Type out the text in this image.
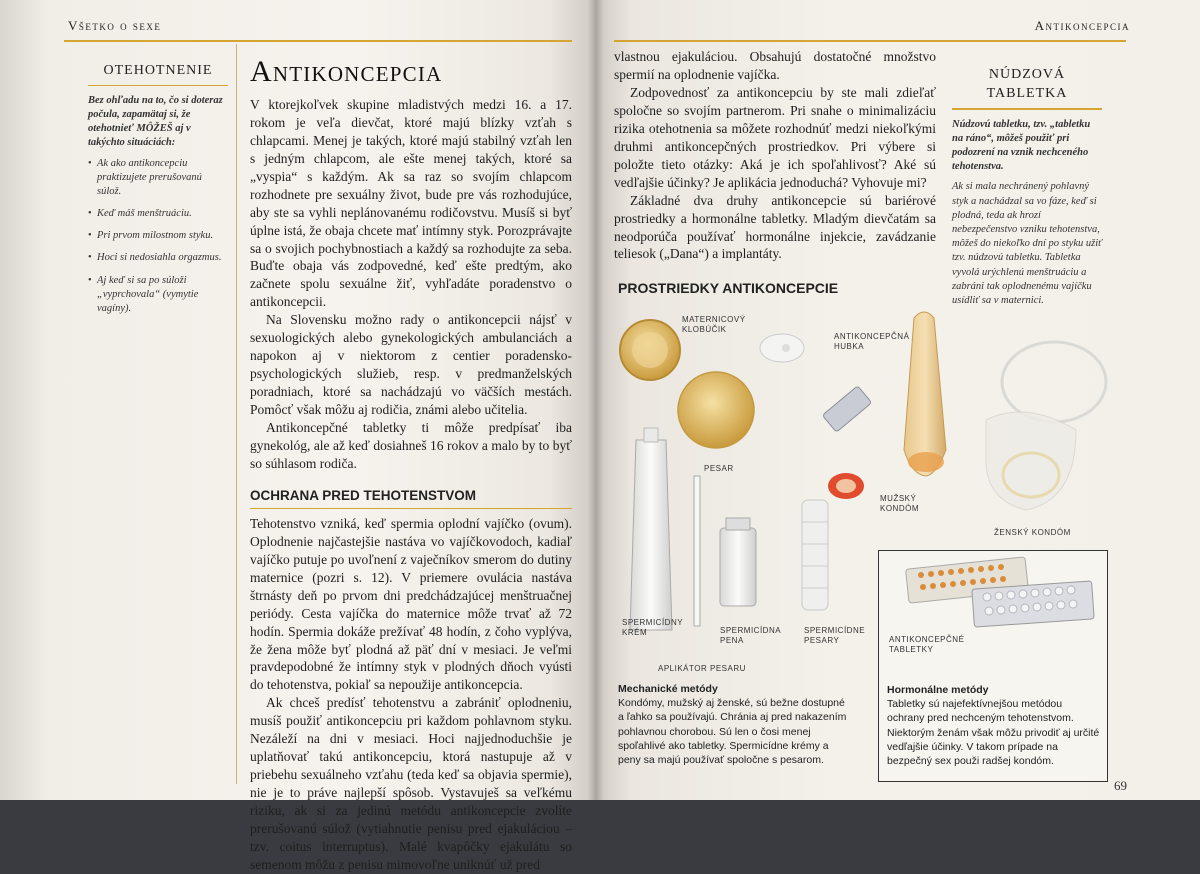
Všetko o sexe
OTEHOTNENIE

Bez ohľadu na to, čo si doteraz počula, zapamätaj si, že otehotnieť MÔŽEŠ aj v takýchto situáciách:

• Ak ako antikoncepciu praktizujete prerušovanú súlož.
• Keď máš menštruáciu.
• Pri prvom milostnom styku.
• Hoci si nedosiahla orgazmus.
• Aj keď si sa po súloži „vyprchovala“ (vymytie vagíny).
Antikoncepcia

V ktorejkoľvek skupine mladistvých medzi 16. a 17. rokom je veľa dievčat, ktoré majú blízky vzťah s chlapcami. Menej je takých, ktoré majú stabilný vzťah len s jedným chlapcom, ale ešte menej takých, ktoré sa „vyspia“ s každým. Ak sa raz so svojím chlapcom rozhodnete pre sexuálny život, bude pre vás rozhodujúce, aby ste sa vyhli neplánovanému rodičovstvu. Musíš si byť úplne istá, že obaja chcete mať intímny styk. Porozprávajte sa o svojich pochybnostiach a každý sa rozhodujte za seba. Buďte obaja vás zodpovedné, keď ešte predtým, ako začnete spolu sexuálne žiť, vyhľadáte poradenstvo o antikoncepcii.

Na Slovensku možno rady o antikoncepcii nájsť v sexuologických alebo gynekologických ambulanciách a napokon aj v niektorom z centier poradensko-psychologických služieb, resp. v predmanželských poradniach, ktoré sa nachádzajú vo väčších mestách. Pomôcť však môžu aj rodičia, známi alebo učitelia.

Antikoncepčné tabletky ti môže predpísať iba gynekológ, ale až keď dosiahneš 16 rokov a malo by to byť so súhlasom rodiča.

OCHRANA PRED TEHOTENSTVOM

Tehotenstvo vzniká, keď spermia oplodní vajíčko (ovum). Oplodnenie najčastejšie nastáva vo vajíčkovodoch, kadiaľ vajíčko putuje po uvoľnení z vaječníkov smerom do dutiny maternice (pozri s. 12). V priemere ovulácia nastáva štrnásty deň po prvom dni predchádzajúcej menštruačnej periódy. Cesta vajíčka do maternice môže trvať až 72 hodín. Spermia dokáže prežívať 48 hodín, z čoho vyplýva, že žena môže byť plodná až päť dní v mesiaci. Je veľmi pravdepodobné že intímny styk v plodných dňoch vyústi do tehotenstva, pokiaľ sa nepoužije antikoncepcia.

Ak chceš predísť tehotenstvu a zabrániť oplodneniu, musíš použiť antikoncepciu pri každom pohlavnom styku. Nezáleží na dni v mesiaci. Hoci najjednoduchšie je uplatňovať takú antikoncepciu, ktorá nastupuje až v priebehu sexuálneho vzťahu (teda keď sa objavia spermie), nie je to práve najlepší spôsob. Vystavuješ sa veľkému riziku, ak si za jedinú metódu antikoncepcie zvolíte prerušovanú súlož (vytiahnutie penisu pred ejakuláciou – tzv. coitus interruptus). Malé kvapôčky ejakulátu so semenom môžu z penisu mimovoľne uniknúť už pred

Antikoncepcia

vlastnou ejakuláciou. Obsahujú dostatočné množstvo spermií na oplodnenie vajíčka.

Zodpovednosť za antikoncepciu by ste mali zdieľať spoločne so svojím partnerom. Pri snahe o minimalizáciu rizika otehotnenia sa môžete rozhodnúť medzi niekoľkými druhmi antikoncepčných prostriedkov. Pri výbere si položte tieto otázky: Aká je ich spoľahlivosť? Aké sú vedľajšie účinky? Je aplikácia jednoduchá? Vyhovuje mi?

Základné dva druhy antikoncepcie sú bariérové prostriedky a hormonálne tabletky. Mladým dievčatám sa neodporúča používať hormonálne injekcie, zavádzanie teliesok („Dana“) a implantáty.

NÚDZOVÁ TABLETKA

Núdzovú tabletku, tzv. „tabletku na ráno“, môžeš použiť pri podozrení na vznik nechceného tehotenstva.

Ak si mala nechránený pohlavný styk a nachádzal sa vo fáze, keď si plodná, teda ak hrozí nebezpečenstvo vzniku tehotenstva, môžeš do niekoľko dní po styku užiť tzv. núdzovú tabletku. Tabletka vyvolá urýchlenú menštruáciu a zabráni tak oplodnenému vajíčku usídliť sa v maternici.

PROSTRIEDKY ANTIKONCEPCIE
MATERNICOVÝ KLOBÚČIK
ANTIKONCEPČNÁ HUBKA
PESAR
MUŽSKÝ KONDÓM
ŽENSKÝ KONDÓM
SPERMICÍDNY KRÉM	SPERMICÍDNA PENA
SPERMICÍDNE PESARY
APLIKÁTOR PESARU
ANTIKONCEPČNÉ TABLETKY
Hormonálne metódy
Tabletky sú najefektívnejšou metódou ochrany pred nechceným tehotenstvom. Niektorým ženám však môžu privodiť aj určité vedľajšie účinky. V takom prípade na bezpečný sex použi radšej kondóm.
Mechanické metódy
Kondómy, mužský aj ženské, sú bežne dostupné a ľahko sa používajú. Chránia aj pred nakazením pohlavnou chorobou. Sú len o čosi menej spoľahlivé ako tabletky. Spermicídne krémy a peny sa majú používať spoločne s pesarom.
69
